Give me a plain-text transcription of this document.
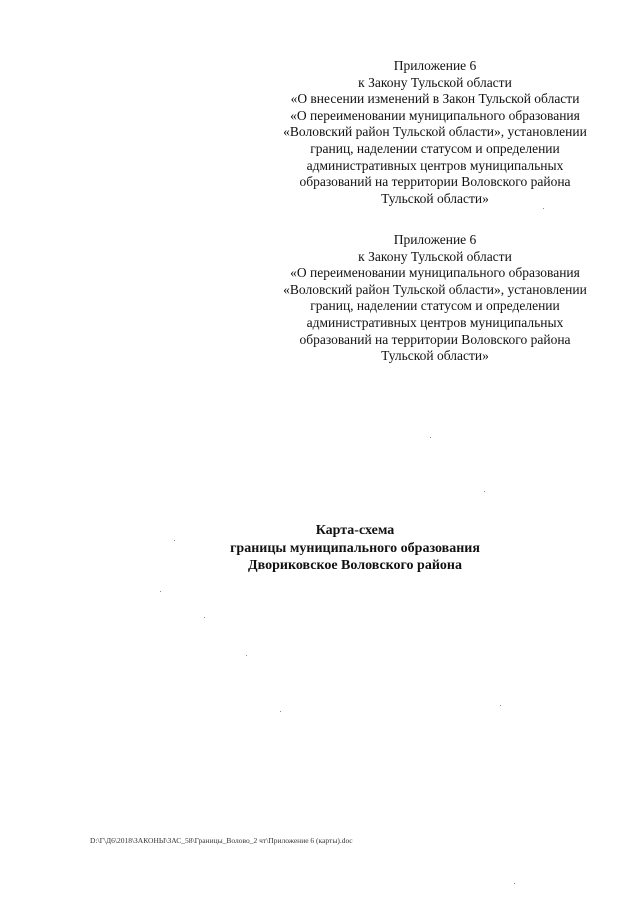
Приложение 6
к Закону Тульской области
«О внесении изменений в Закон Тульской области
«О переименовании муниципального образования
«Воловский район Тульской области», установлении
границ, наделении статусом и определении
административных центров муниципальных
образований на территории Воловского района
Тульской области»
Приложение 6
к Закону Тульской области
«О переименовании муниципального образования
«Воловский район Тульской области», установлении
границ, наделении статусом и определении
административных центров муниципальных
образований на территории Воловского района
Тульской области»
Карта-схема
границы муниципального образования
Двориковское Воловского района
D:\Г\Д6\2018\ЗАКОНЫ\ЗАС_58\Границы_Волово_2 чт\Приложение 6 (карты).doc
